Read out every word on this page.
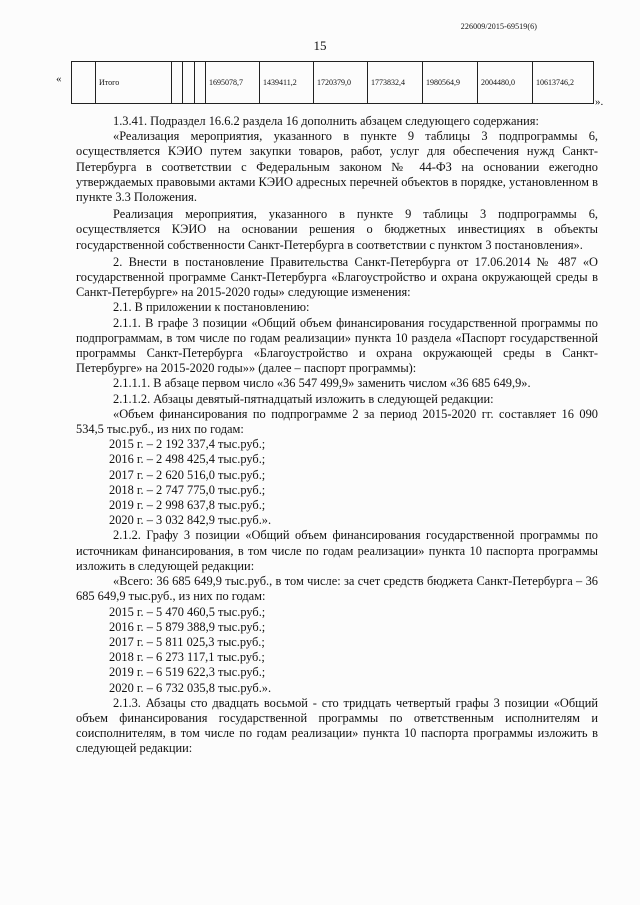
226009/2015-69519(6)
15
«
		Итого				1695078,7	1439411,2	1720379,0	1773832,4	1980564,9	2004480,0	10613746,2
».

1.3.41. Подраздел 16.6.2 раздела 16 дополнить абзацем следующего содержания:

«Реализация мероприятия, указанного в пункте 9 таблицы 3 подпрограммы 6, осуществляется КЭИО путем закупки товаров, работ, услуг для обеспечения нужд Санкт-Петербурга в соответствии с Федеральным законом № 44-ФЗ на основании ежегодно утверждаемых правовыми актами КЭИО адресных перечней объектов в порядке, установленном в пункте 3.3 Положения.

Реализация мероприятия, указанного в пункте 9 таблицы 3 подпрограммы 6, осуществляется КЭИО на основании решения о бюджетных инвестициях в объекты государственной собственности Санкт-Петербурга в соответствии с пунктом 3 постановления».

2. Внести в постановление Правительства Санкт-Петербурга от 17.06.2014 № 487 «О государственной программе Санкт-Петербурга «Благоустройство и охрана окружающей среды в Санкт-Петербурге» на 2015-2020 годы» следующие изменения:

2.1. В приложении к постановлению:

2.1.1. В графе 3 позиции «Общий объем финансирования государственной программы по подпрограммам, в том числе по годам реализации» пункта 10 раздела «Паспорт государственной программы Санкт-Петербурга «Благоустройство и охрана окружающей среды в Санкт-Петербурге» на 2015-2020 годы»» (далее – паспорт программы):

2.1.1.1. В абзаце первом число «36 547 499,9» заменить числом «36 685 649,9».

2.1.1.2. Абзацы девятый-пятнадцатый изложить в следующей редакции:

«Объем финансирования по подпрограмме 2 за период 2015-2020 гг. составляет 16 090 534,5 тыс.руб., из них по годам:

2015 г. – 2 192 337,4 тыс.руб.;

2016 г. – 2 498 425,4 тыс.руб.;

2017 г. – 2 620 516,0 тыс.руб.;

2018 г. – 2 747 775,0 тыс.руб.;

2019 г. – 2 998 637,8 тыс.руб.;

2020 г. – 3 032 842,9 тыс.руб.».

2.1.2. Графу 3 позиции «Общий объем финансирования государственной программы по источникам финансирования, в том числе по годам реализации» пункта 10 паспорта программы изложить в следующей редакции:

«Всего: 36 685 649,9 тыс.руб., в том числе: за счет средств бюджета Санкт-Петербурга – 36 685 649,9 тыс.руб., из них по годам:

2015 г. – 5 470 460,5 тыс.руб.;

2016 г. – 5 879 388,9 тыс.руб.;

2017 г. – 5 811 025,3 тыс.руб.;

2018 г. – 6 273 117,1 тыс.руб.;

2019 г. – 6 519 622,3 тыс.руб.;

2020 г. – 6 732 035,8 тыс.руб.».

2.1.3. Абзацы сто двадцать восьмой - сто тридцать четвертый графы 3 позиции «Общий объем финансирования государственной программы по ответственным исполнителям и соисполнителям, в том числе по годам реализации» пункта 10 паспорта программы изложить в следующей редакции:
